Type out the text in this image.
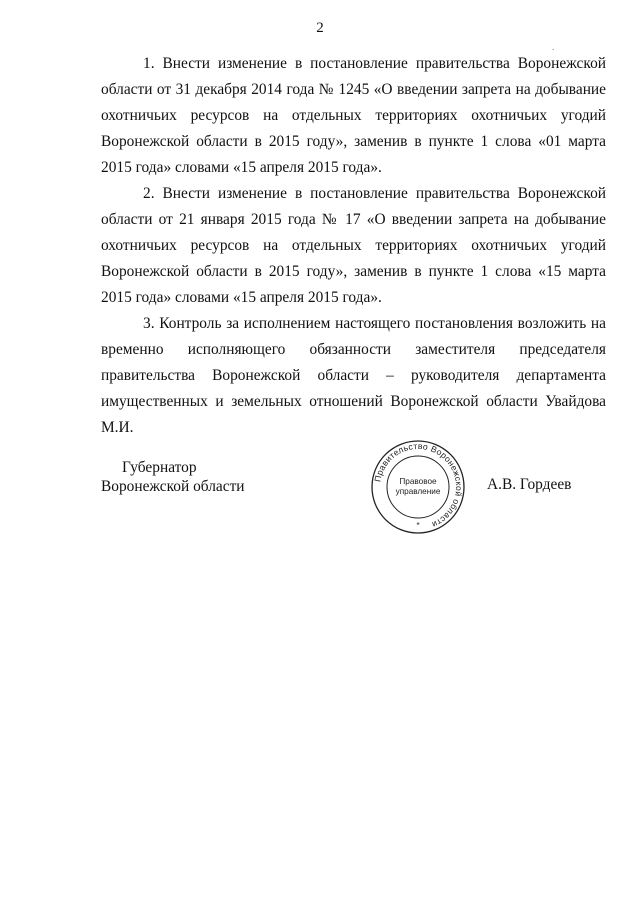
2
.
1. Внести изменение в постановление правительства Воронежской области от 31 декабря 2014 года № 1245 «О введении запрета на добывание охотничьих ресурсов на отдельных территориях охотничьих угодий Воронежской области в 2015 году», заменив в пункте 1 слова «01 марта 2015 года» словами «15 апреля 2015 года».
2. Внести изменение в постановление правительства Воронежской области от 21 января 2015 года № 17 «О введении запрета на добывание охотничьих ресурсов на отдельных территориях охотничьих угодий Воронежской области в 2015 году», заменив в пункте 1 слова «15 марта 2015 года» словами «15 апреля 2015 года».
3. Контроль за исполнением настоящего постановления возложить на временно исполняющего обязанности заместителя председателя правительства Воронежской области – руководителя департамента имущественных и земельных отношений Воронежской области Увайдова М.И.
Губернатор
Воронежской области	Правительство Воронежской области
Правовое
управление
*
А.В. Гордеев
